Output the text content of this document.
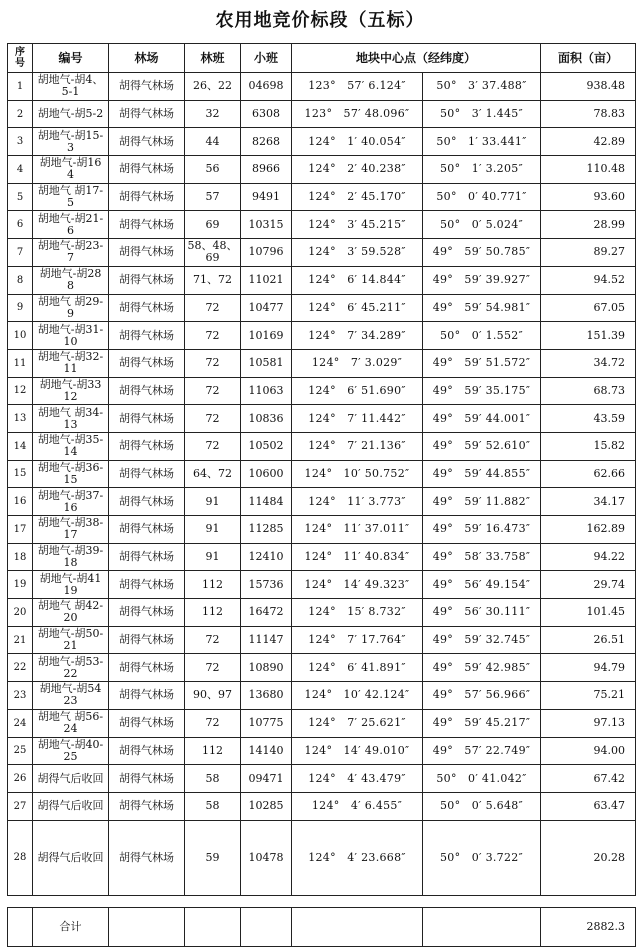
农用地竞价标段（五标）
序号	编号	林场	林班	小班	地块中心点（经纬度）		面积（亩）
1	胡地气-胡4、5-1	胡得气林场	26、22	04698	123°　57′ 6.124″	50°　3′ 37.488″	938.48
2	胡地气-胡5-2	胡得气林场	32	6308	123°　57′ 48.096″	50°　3′ 1.445″	78.83
3	胡地气-胡15-3	胡得气林场	44	8268	124°　1′ 40.054″	50°　1′ 33.441″	42.89
4	胡地气-胡16 4	胡得气林场	56	8966	124°　2′ 40.238″	50°　1′ 3.205″	110.48
5	胡地气 胡17-5	胡得气林场	57	9491	124°　2′ 45.170″	50°　0′ 40.771″	93.60
6	胡地气-胡21-6	胡得气林场	69	10315	124°　3′ 45.215″	50°　0′ 5.024″	28.99
7	胡地气-胡23-7	胡得气林场	58、48、69	10796	124°　3′ 59.528″	49°　59′ 50.785″	89.27
8	胡地气-胡28 8	胡得气林场	71、72	11021	124°　6′ 14.844″	49°　59′ 39.927″	94.52
9	胡地气 胡29-9	胡得气林场	72	10477	124°　6′ 45.211″	49°　59′ 54.981″	67.05
10	胡地气-胡31-10	胡得气林场	72	10169	124°　7′ 34.289″	50°　0′ 1.552″	151.39
11	胡地气-胡32-11	胡得气林场	72	10581	124°　7′ 3.029″	49°　59′ 51.572″	34.72
12	胡地气-胡33 12	胡得气林场	72	11063	124°　6′ 51.690″	49°　59′ 35.175″	68.73
13	胡地气 胡34-13	胡得气林场	72	10836	124°　7′ 11.442″	49°　59′ 44.001″	43.59
14	胡地气-胡35-14	胡得气林场	72	10502	124°　7′ 21.136″	49°　59′ 52.610″	15.82
15	胡地气-胡36-15	胡得气林场	64、72	10600	124°　10′ 50.752″	49°　59′ 44.855″	62.66
16	胡地气-胡37-16	胡得气林场	91	11484	124°　11′ 3.773″	49°　59′ 11.882″	34.17
17	胡地气-胡38-17	胡得气林场	91	11285	124°　11′ 37.011″	49°　59′ 16.473″	162.89
18	胡地气-胡39-18	胡得气林场	91	12410	124°　11′ 40.834″	49°　58′ 33.758″	94.22
19	胡地气-胡41 19	胡得气林场	112	15736	124°　14′ 49.323″	49°　56′ 49.154″	29.74
20	胡地气 胡42-20	胡得气林场	112	16472	124°　15′ 8.732″	49°　56′ 30.111″	101.45
21	胡地气-胡50-21	胡得气林场	72	11147	124°　7′ 17.764″	49°　59′ 32.745″	26.51
22	胡地气-胡53-22	胡得气林场	72	10890	124°　6′ 41.891″	49°　59′ 42.985″	94.79
23	胡地气-胡54 23	胡得气林场	90、97	13680	124°　10′ 42.124″	49°　57′ 56.966″	75.21
24	胡地气 胡56-24	胡得气林场	72	10775	124°　7′ 25.621″	49°　59′ 45.217″	97.13
25	胡地气-胡40-25	胡得气林场	112	14140	124°　14′ 49.010″	49°　57′ 22.749″	94.00
26	胡得气后收回	胡得气林场	58	09471	124°　4′ 43.479″	50°　0′ 41.042″	67.42
27	胡得气后收回	胡得气林场	58	10285	124°　4′ 6.455″	50°　0′ 5.648″	63.47
28	胡得气后收回	胡得气林场	59	10478	124°　4′ 23.668″	50°　0′ 3.722″	20.28
	合计						2882.3
